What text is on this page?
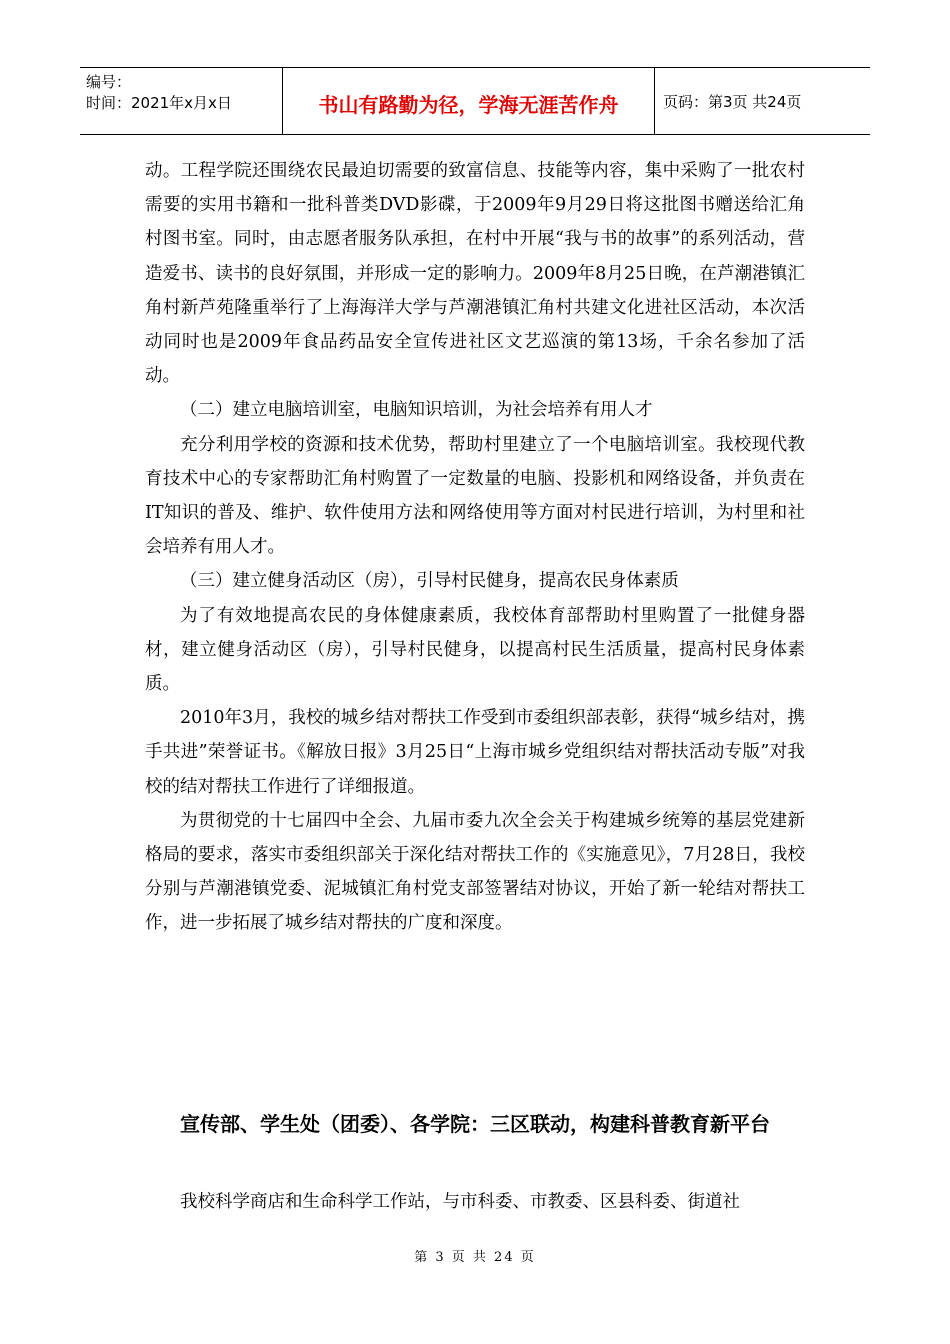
编号：
时间：2021年x月x日	书山有路勤为径，学海无涯苦作舟	页码：第3页 共24页

动。工程学院还围绕农民最迫切需要的致富信息、技能等内容，集中采购了一批农村需要的实用书籍和一批科普类DVD影碟，于2009年9月29日将这批图书赠送给汇角村图书室。同时，由志愿者服务队承担，在村中开展“我与书的故事”的系列活动，营造爱书、读书的良好氛围，并形成一定的影响力。2009年8月25日晚，在芦潮港镇汇角村新芦苑隆重举行了上海海洋大学与芦潮港镇汇角村共建文化进社区活动，本次活动同时也是2009年食品药品安全宣传进社区文艺巡演的第13场，千余名参加了活动。

（二）建立电脑培训室，电脑知识培训，为社会培养有用人才

充分利用学校的资源和技术优势，帮助村里建立了一个电脑培训室。我校现代教育技术中心的专家帮助汇角村购置了一定数量的电脑、投影机和网络设备，并负责在IT知识的普及、维护、软件使用方法和网络使用等方面对村民进行培训，为村里和社会培养有用人才。

（三）建立健身活动区（房），引导村民健身，提高农民身体素质

为了有效地提高农民的身体健康素质，我校体育部帮助村里购置了一批健身器材，建立健身活动区（房），引导村民健身，以提高村民生活质量，提高村民身体素质。

2010年3月，我校的城乡结对帮扶工作受到市委组织部表彰，获得“城乡结对，携手共进”荣誉证书。《解放日报》3月25日“上海市城乡党组织结对帮扶活动专版”对我校的结对帮扶工作进行了详细报道。

为贯彻党的十七届四中全会、九届市委九次全会关于构建城乡统筹的基层党建新格局的要求，落实市委组织部关于深化结对帮扶工作的《实施意见》，7月28日，我校分别与芦潮港镇党委、泥城镇汇角村党支部签署结对协议，开始了新一轮结对帮扶工作，进一步拓展了城乡结对帮扶的广度和深度。

宣传部、学生处（团委）、各学院：三区联动，构建科普教育新平台

我校科学商店和生命科学工作站，与市科委、市教委、区县科委、街道社

第 3 页 共 24 页
